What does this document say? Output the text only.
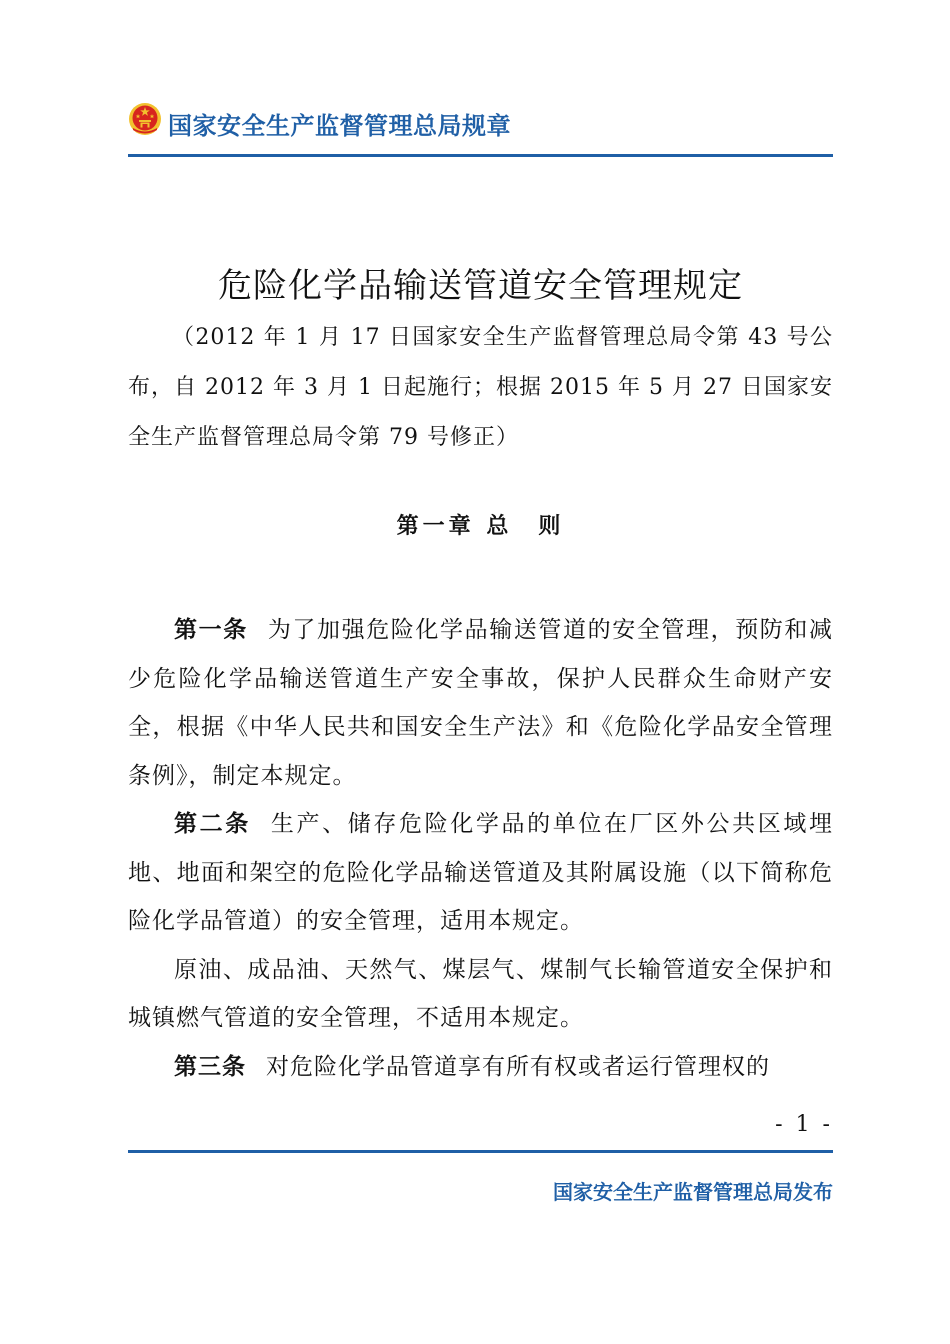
国家安全生产监督管理总局规章
危险化学品输送管道安全管理规定
（2012 年 1 月 17 日国家安全生产监督管理总局令第 43 号公布，自 2012 年 3 月 1 日起施行；根据 2015 年 5 月 27 日国家安全生产监督管理总局令第 79 号修正）
第一章 总　则

第一条 为了加强危险化学品输送管道的安全管理，预防和减少危险化学品输送管道生产安全事故，保护人民群众生命财产安全，根据《中华人民共和国安全生产法》和《危险化学品安全管理条例》，制定本规定。

第二条 生产、储存危险化学品的单位在厂区外公共区域埋地、地面和架空的危险化学品输送管道及其附属设施（以下简称危险化学品管道）的安全管理，适用本规定。

原油、成品油、天然气、煤层气、煤制气长输管道安全保护和城镇燃气管道的安全管理，不适用本规定。

第三条 对危险化学品管道享有所有权或者运行管理权的

- 1 -
国家安全生产监督管理总局发布
